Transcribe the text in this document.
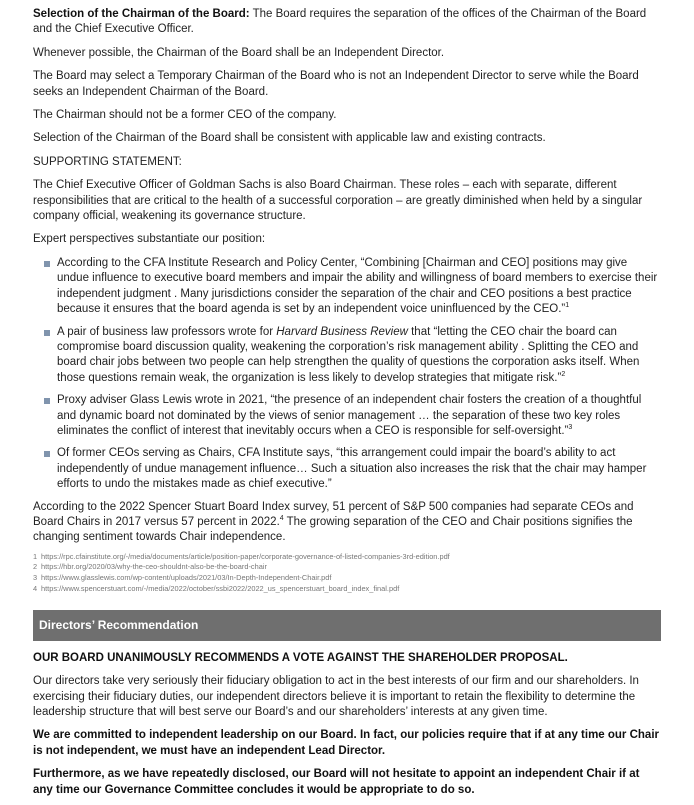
Selection of the Chairman of the Board: The Board requires the separation of the offices of the Chairman of the Board and the Chief Executive Officer.

Whenever possible, the Chairman of the Board shall be an Independent Director.

The Board may select a Temporary Chairman of the Board who is not an Independent Director to serve while the Board seeks an Independent Chairman of the Board.

The Chairman should not be a former CEO of the company.

Selection of the Chairman of the Board shall be consistent with applicable law and existing contracts.

SUPPORTING STATEMENT:

The Chief Executive Officer of Goldman Sachs is also Board Chairman. These roles – each with separate, different responsibilities that are critical to the health of a successful corporation – are greatly diminished when held by a singular company official, weakening its governance structure.

Expert perspectives substantiate our position:

According to the CFA Institute Research and Policy Center, “Combining [Chairman and CEO] positions may give undue influence to executive board members and impair the ability and willingness of board members to exercise their independent judgment . Many jurisdictions consider the separation of the chair and CEO positions a best practice because it ensures that the board agenda is set by an independent voice uninfluenced by the CEO.”$^1$
A pair of business law professors wrote for Harvard Business Review that “letting the CEO chair the board can compromise board discussion quality, weakening the corporation’s risk management ability . Splitting the CEO and board chair jobs between two people can help strengthen the quality of questions the corporation asks itself. When those questions remain weak, the organization is less likely to develop strategies that mitigate risk.”$^2$
Proxy adviser Glass Lewis wrote in 2021, “the presence of an independent chair fosters the creation of a thoughtful and dynamic board not dominated by the views of senior management … the separation of these two key roles eliminates the conflict of interest that inevitably occurs when a CEO is responsible for self-oversight.”$^3$
Of former CEOs serving as Chairs, CFA Institute says, “this arrangement could impair the board’s ability to act independently of undue management influence… Such a situation also increases the risk that the chair may hamper efforts to undo the mistakes made as chief executive.”

According to the 2022 Spencer Stuart Board Index survey, 51 percent of S&P 500 companies had separate CEOs and Board Chairs in 2017 versus 57 percent in 2022.$^4$ The growing separation of the CEO and Chair positions signifies the changing sentiment towards Chair independence.

1 https://rpc.cfainstitute.org/-/media/documents/article/position-paper/corporate-governance-of-listed-companies-3rd-edition.pdf
2 https://hbr.org/2020/03/why-the-ceo-shouldnt-also-be-the-board-chair
3 https://www.glasslewis.com/wp-content/uploads/2021/03/In-Depth-Independent-Chair.pdf
4 https://www.spencerstuart.com/-/media/2022/october/ssbi2022/2022_us_spencerstuart_board_index_final.pdf
Directors’ Recommendation

OUR BOARD UNANIMOUSLY RECOMMENDS A VOTE AGAINST THE SHAREHOLDER PROPOSAL.

Our directors take very seriously their fiduciary obligation to act in the best interests of our firm and our shareholders. In exercising their fiduciary duties, our independent directors believe it is important to retain the flexibility to determine the leadership structure that will best serve our Board’s and our shareholders’ interests at any given time.

We are committed to independent leadership on our Board. In fact, our policies require that if at any time our Chair is not independent, we must have an independent Lead Director.

Furthermore, as we have repeatedly disclosed, our Board will not hesitate to appoint an independent Chair if at any time our Governance Committee concludes it would be appropriate to do so.
